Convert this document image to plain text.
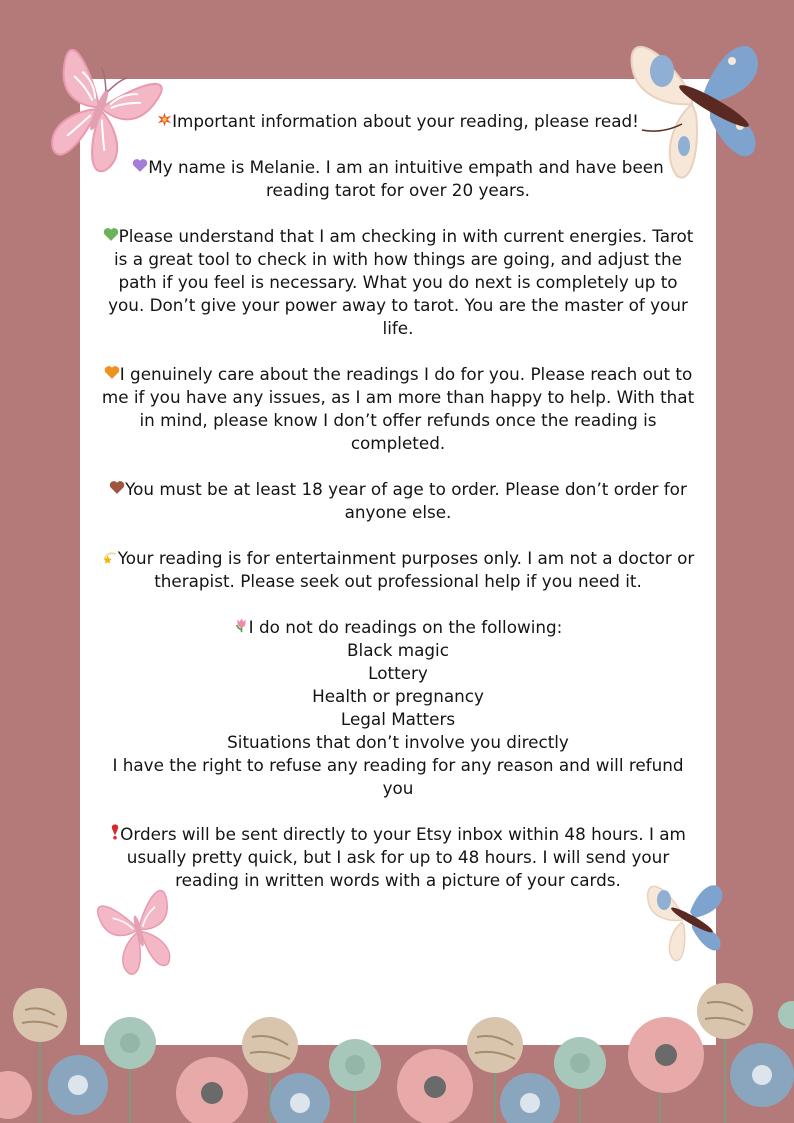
Important information about your reading, please read!

My name is Melanie. I am an intuitive empath and have been reading tarot for over 20 years.

Please understand that I am checking in with current energies. Tarot is a great tool to check in with how things are going, and adjust the path if you feel is necessary. What you do next is completely up to you. Don’t give your power away to tarot. You are the master of your life.

I genuinely care about the readings I do for you. Please reach out to me if you have any issues, as I am more than happy to help. With that in mind, please know I don’t offer refunds once the reading is completed.

You must be at least 18 year of age to order. Please don’t order for anyone else.

Your reading is for entertainment purposes only. I am not a doctor or therapist. Please seek out professional help if you need it.

I do not do readings on the following:
Black magic
Lottery
Health or pregnancy
Legal Matters
Situations that don’t involve you directly
I have the right to refuse any reading for any reason and will refund you

Orders will be sent directly to your Etsy inbox within 48 hours. I am usually pretty quick, but I ask for up to 48 hours. I will send your reading in written words with a picture of your cards.
